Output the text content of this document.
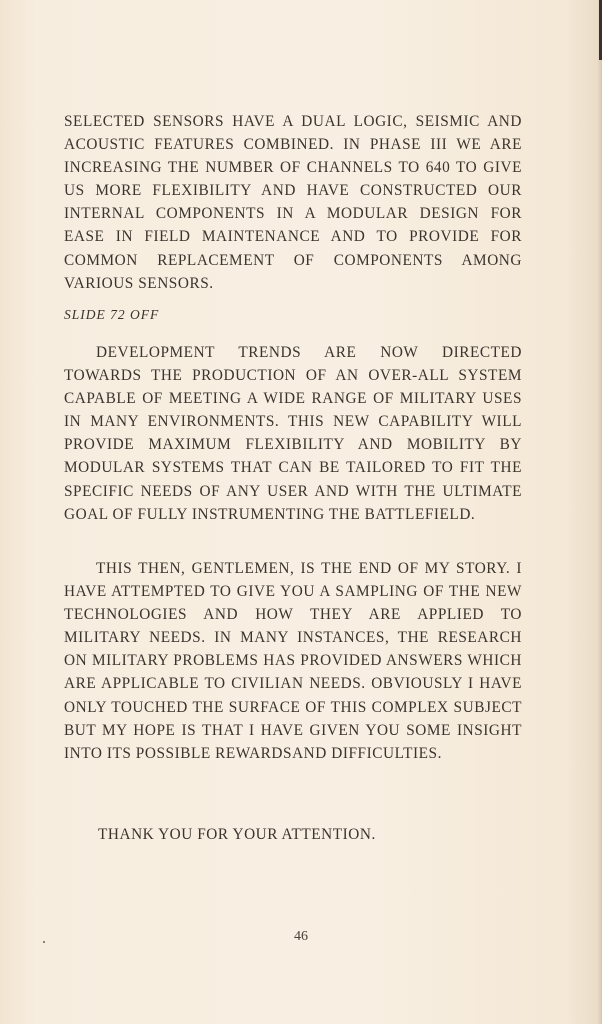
SELECTED SENSORS HAVE A DUAL LOGIC, SEISMIC AND ACOUSTIC FEATURES COMBINED. IN PHASE III WE ARE INCREASING THE NUMBER OF CHANNELS TO 640 TO GIVE US MORE FLEXIBILITY AND HAVE CONSTRUCTED OUR INTERNAL COMPONENTS IN A MODULAR DESIGN FOR EASE IN FIELD MAINTENANCE AND TO PROVIDE FOR COMMON REPLACEMENT OF COMPONENTS AMONG VARIOUS SENSORS.

SLIDE 72 OFF

DEVELOPMENT TRENDS ARE NOW DIRECTED TOWARDS THE PRODUCTION OF AN OVER-ALL SYSTEM CAPABLE OF MEETING A WIDE RANGE OF MILITARY USES IN MANY ENVIRONMENTS. THIS NEW CAPABILITY WILL PROVIDE MAXIMUM FLEXIBILITY AND MOBILITY BY MODULAR SYSTEMS THAT CAN BE TAILORED TO FIT THE SPECIFIC NEEDS OF ANY USER AND WITH THE ULTIMATE GOAL OF FULLY INSTRUMENTING THE BATTLEFIELD.

THIS THEN, GENTLEMEN, IS THE END OF MY STORY. I HAVE ATTEMPTED TO GIVE YOU A SAMPLING OF THE NEW TECHNOLOGIES AND HOW THEY ARE APPLIED TO MILITARY NEEDS. IN MANY INSTANCES, THE RESEARCH ON MILITARY PROBLEMS HAS PROVIDED ANSWERS WHICH ARE APPLICABLE TO CIVILIAN NEEDS. OBVIOUSLY I HAVE ONLY TOUCHED THE SURFACE OF THIS COMPLEX SUBJECT BUT MY HOPE IS THAT I HAVE GIVEN YOU SOME INSIGHT INTO ITS POSSIBLE REWARDSAND DIFFICULTIES.

THANK YOU FOR YOUR ATTENTION.
46
